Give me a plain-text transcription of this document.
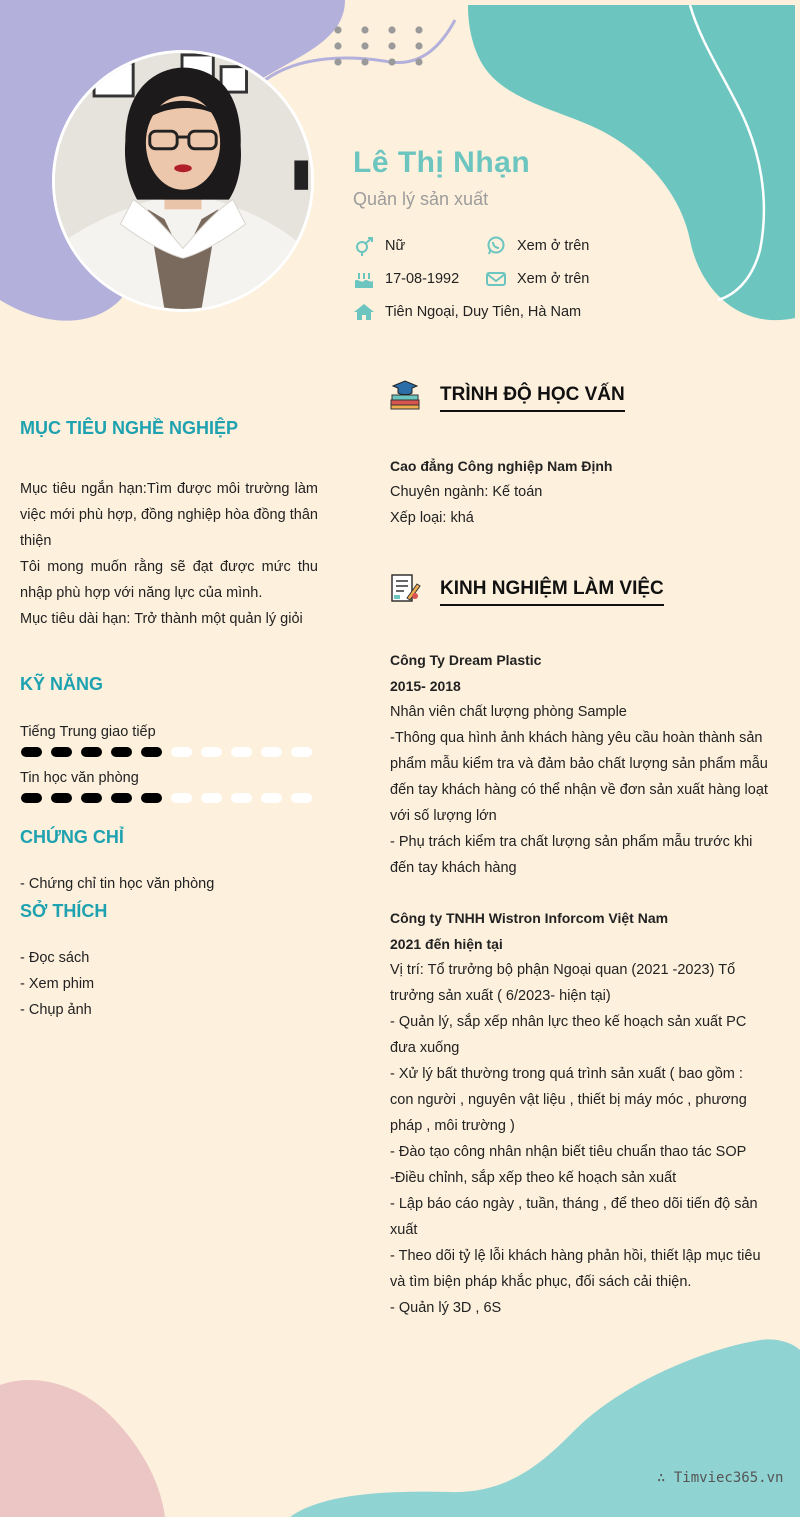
Lê Thị Nhạn
Quản lý sản xuất
Nữ	Xem ở trên
17-08-1992	Xem ở trên
Tiên Ngoại, Duy Tiên, Hà Nam
MỤC TIÊU NGHỀ NGHIỆP

Mục tiêu ngắn hạn:Tìm được môi trường làm việc mới phù hợp, đồng nghiệp hòa đồng thân thiện

Tôi mong muốn rằng sẽ đạt được mức thu nhập phù hợp với năng lực của mình.

Mục tiêu dài hạn: Trở thành một quản lý giỏi

KỸ NĂNG
Tiếng Trung giao tiếp
Tin học văn phòng
CHỨNG CHỈ
- Chứng chỉ tin học văn phòng
SỞ THÍCH
- Đọc sách
- Xem phim
- Chụp ảnh
TRÌNH ĐỘ HỌC VẤN
Cao đẳng Công nghiệp Nam Định
Chuyên ngành: Kế toán
Xếp loại: khá
KINH NGHIỆM LÀM VIỆC
Công Ty Dream Plastic
2015- 2018
Nhân viên chất lượng phòng Sample
-Thông qua hình ảnh khách hàng yêu cầu hoàn thành sản phẩm mẫu kiểm tra và đảm bảo chất lượng sản phẩm mẫu đến tay khách hàng có thể nhận về đơn sản xuất hàng loạt với số lượng lớn
- Phụ trách kiểm tra chất lượng sản phẩm mẫu trước khi đến tay khách hàng
Công ty TNHH Wistron Inforcom Việt Nam
2021 đến hiện tại
Vị trí: Tổ trưởng bộ phận Ngoại quan (2021 -2023) Tổ trưởng sản xuất ( 6/2023- hiện tại)
- Quản lý, sắp xếp nhân lực theo kế hoạch sản xuất PC đưa xuống
- Xử lý bất thường trong quá trình sản xuất ( bao gồm : con người , nguyên vật liệu , thiết bị máy móc , phương pháp , môi trường )
- Đào tạo công nhân nhận biết tiêu chuẩn thao tác SOP
-Điều chỉnh, sắp xếp theo kế hoạch sản xuất
- Lập báo cáo ngày , tuần, tháng , để theo dõi tiến độ sản xuất
- Theo dõi tỷ lệ lỗi khách hàng phản hồi, thiết lập mục tiêu và tìm biện pháp khắc phục, đối sách cải thiện.
- Quản lý 3D , 6S
∴ Timviec365.vn
